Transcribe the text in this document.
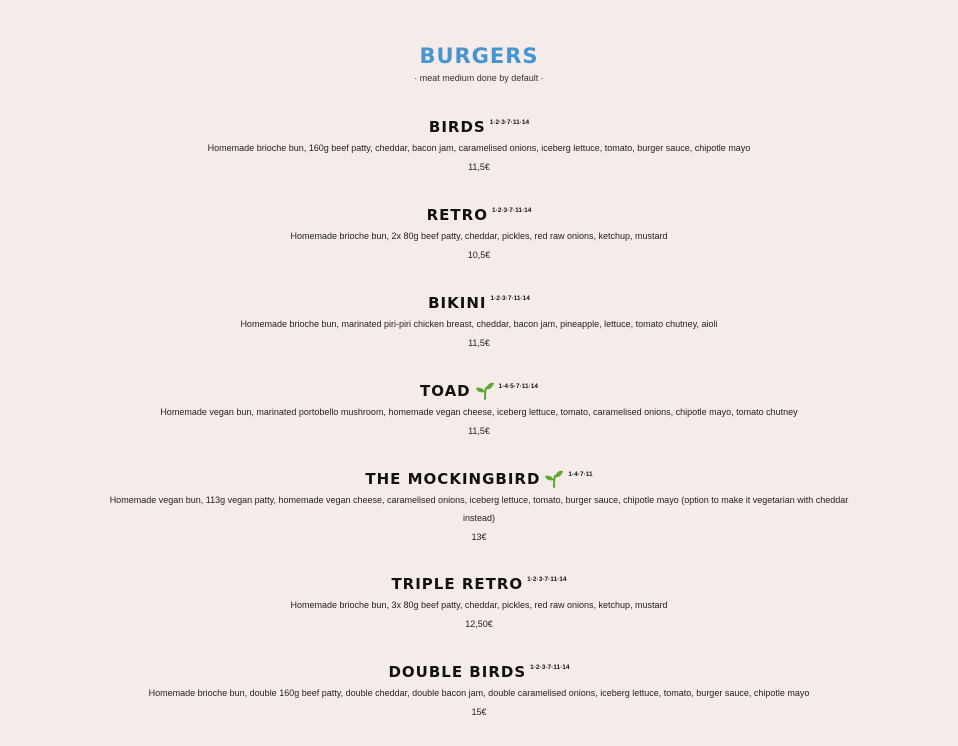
BURGERS
· meat medium done by default ·
BIRDS 1·2·3·7·11·14
Homemade brioche bun, 160g beef patty, cheddar, bacon jam, caramelised onions, iceberg lettuce, tomato, burger sauce, chipotle mayo
11,5€
RETRO 1·2·3·7·11·14
Homemade brioche bun, 2x 80g beef patty, cheddar, pickles, red raw onions, ketchup, mustard
10,5€
BIKINI 1·2·3·7·11·14
Homemade brioche bun, marinated piri-piri chicken breast, cheddar, bacon jam, pineapple, lettuce, tomato chutney, aioli
11,5€
TOAD	1·4·5·7·11·14
Homemade vegan bun, marinated portobello mushroom, homemade vegan cheese, iceberg lettuce, tomato, caramelised onions, chipotle mayo, tomato chutney
11,5€
THE MOCKINGBIRD	1·4·7·11
Homemade vegan bun, 113g vegan patty, homemade vegan cheese, caramelised onions, iceberg lettuce, tomato, burger sauce, chipotle mayo (option to make it vegetarian with cheddar instead)
13€
TRIPLE RETRO 1·2·3·7·11·14
Homemade brioche bun, 3x 80g beef patty, cheddar, pickles, red raw onions, ketchup, mustard
12,50€
DOUBLE BIRDS 1·2·3·7·11·14
Homemade brioche bun, double 160g beef patty, double cheddar, double bacon jam, double caramelised onions, iceberg lettuce, tomato, burger sauce, chipotle mayo
15€
